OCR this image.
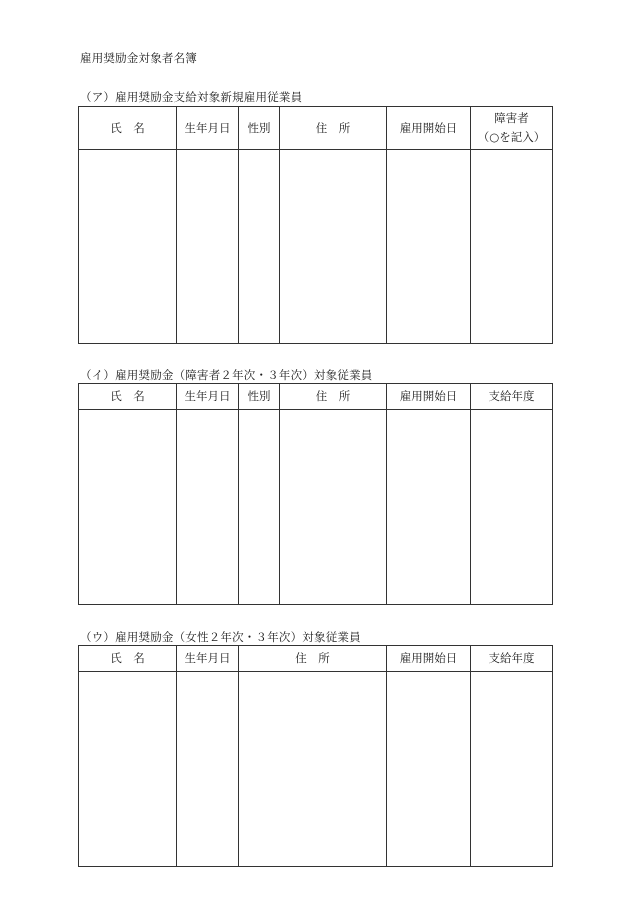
雇用奨励金対象者名簿
（ア）雇用奨励金支給対象新規雇用従業員
氏　名	生年月日	性別	住　所	雇用開始日	障害者
（○を記入）

（イ）雇用奨励金（障害者２年次・３年次）対象従業員
氏　名	生年月日	性別	住　所	雇用開始日	支給年度

（ウ）雇用奨励金（女性２年次・３年次）対象従業員
氏　名	生年月日	住　所	雇用開始日	支給年度
